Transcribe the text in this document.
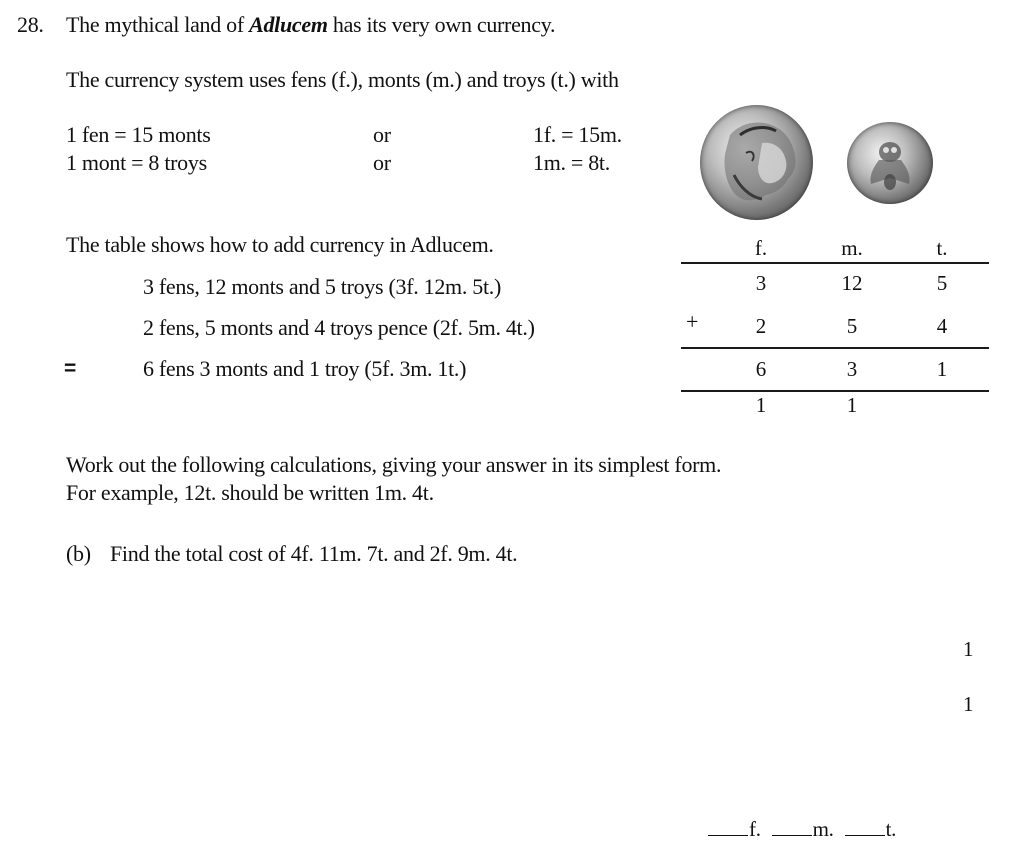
28. The mythical land of Adlucem has its very own currency.
The currency system uses fens (f.), monts (m.) and troys (t.) with
1 fen = 15 monts	or	1f. = 15m.
1 mont = 8 troys	or	1m. = 8t.
The table shows how to add currency in Adlucem.
3 fens, 12 monts and 5 troys (3f. 12m. 5t.)
2 fens, 5 monts and 4 troys pence (2f. 5m. 4t.)
=	6 fens 3 monts and 1 troy (5f. 3m. 1t.)
f.	m.	t.
3	12	5
+	2	5	4
6	3	1
1	1
Work out the following calculations, giving your answer in its simplest form.
For example, 12t. should be written 1m. 4t.
(b) Find the total cost of 4f. 11m. 7t. and 2f. 9m. 4t.
1
1
f. m. t.
